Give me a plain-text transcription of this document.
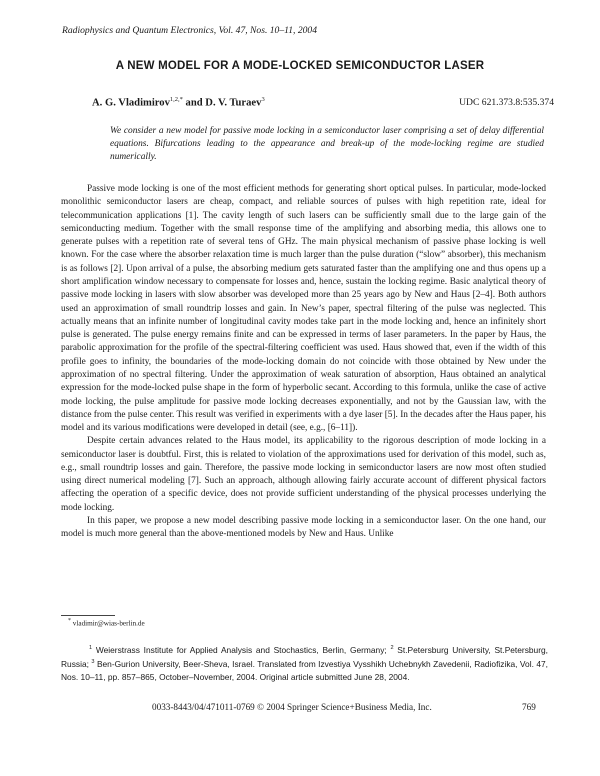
Radiophysics and Quantum Electronics, Vol. 47, Nos. 10–11, 2004
A NEW MODEL FOR A MODE-LOCKED SEMICONDUCTOR LASER
A. G. Vladimirov$^{1,2,*}$ and D. V. Turaev$^3$	UDC 621.373.8:535.374
We consider a new model for passive mode locking in a semiconductor laser comprising a set of delay differential equations. Bifurcations leading to the appearance and break-up of the mode-locking regime are studied numerically.

Passive mode locking is one of the most efficient methods for generating short optical pulses. In particular, mode-locked monolithic semiconductor lasers are cheap, compact, and reliable sources of pulses with high repetition rate, ideal for telecommunication applications [1]. The cavity length of such lasers can be sufficiently small due to the large gain of the semiconducting medium. Together with the small response time of the amplifying and absorbing media, this allows one to generate pulses with a repetition rate of several tens of GHz. The main physical mechanism of passive phase locking is well known. For the case where the absorber relaxation time is much larger than the pulse duration (“slow” absorber), this mechanism is as follows [2]. Upon arrival of a pulse, the absorbing medium gets saturated faster than the amplifying one and thus opens up a short amplification window necessary to compensate for losses and, hence, sustain the locking regime. Basic analytical theory of passive mode locking in lasers with slow absorber was developed more than 25 years ago by New and Haus [2–4]. Both authors used an approximation of small roundtrip losses and gain. In New’s paper, spectral filtering of the pulse was neglected. This actually means that an infinite number of longitudinal cavity modes take part in the mode locking and, hence an infinitely short pulse is generated. The pulse energy remains finite and can be expressed in terms of laser parameters. In the paper by Haus, the parabolic approximation for the profile of the spectral-filtering coefficient was used. Haus showed that, even if the width of this profile goes to infinity, the boundaries of the mode-locking domain do not coincide with those obtained by New under the approximation of no spectral filtering. Under the approximation of weak saturation of absorption, Haus obtained an analytical expression for the mode-locked pulse shape in the form of hyperbolic secant. According to this formula, unlike the case of active mode locking, the pulse amplitude for passive mode locking decreases exponentially, and not by the Gaussian law, with the distance from the pulse center. This result was verified in experiments with a dye laser [5]. In the decades after the Haus paper, his model and its various modifications were developed in detail (see, e.g., [6–11]).

Despite certain advances related to the Haus model, its applicability to the rigorous description of mode locking in a semiconductor laser is doubtful. First, this is related to violation of the approximations used for derivation of this model, such as, e.g., small roundtrip losses and gain. Therefore, the passive mode locking in semiconductor lasers are now most often studied using direct numerical modeling [7]. Such an approach, although allowing fairly accurate account of different physical factors affecting the operation of a specific device, does not provide sufficient understanding of the physical processes underlying the mode locking.

In this paper, we propose a new model describing passive mode locking in a semiconductor laser. On the one hand, our model is much more general than the above-mentioned models by New and Haus. Unlike

* vladimir@wias-berlin.de
$^1$ Weierstrass Institute for Applied Analysis and Stochastics, Berlin, Germany; $^2$ St.Petersburg University, St.Petersburg, Russia; $^3$ Ben-Gurion University, Beer-Sheva, Israel. Translated from Izvestiya Vysshikh Uchebnykh Zavedenii, Radiofizika, Vol. 47, Nos. 10–11, pp. 857–865, October–November, 2004. Original article submitted June 28, 2004.
0033-8443/04/471011-0769 © 2004 Springer Science+Business Media, Inc.	769
